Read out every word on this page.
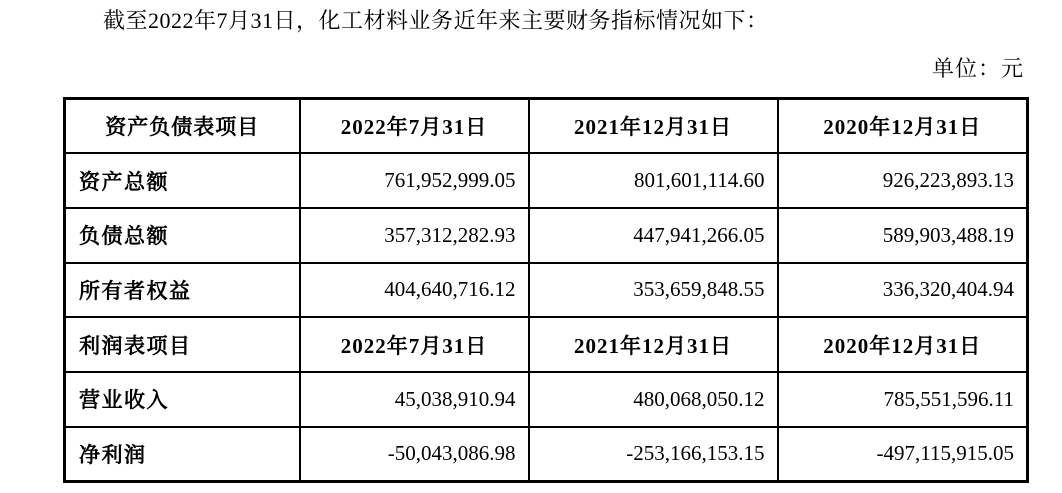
截至2022年7月31日，化工材料业务近年来主要财务指标情况如下：
单位：元
资产负债表项目	2022年7月31日	2021年12月31日	2020年12月31日
资产总额	761,952,999.05	801,601,114.60	926,223,893.13
负债总额	357,312,282.93	447,941,266.05	589,903,488.19
所有者权益	404,640,716.12	353,659,848.55	336,320,404.94
利润表项目	2022年7月31日	2021年12月31日	2020年12月31日
营业收入	45,038,910.94	480,068,050.12	785,551,596.11
净利润	-50,043,086.98	-253,166,153.15	-497,115,915.05
